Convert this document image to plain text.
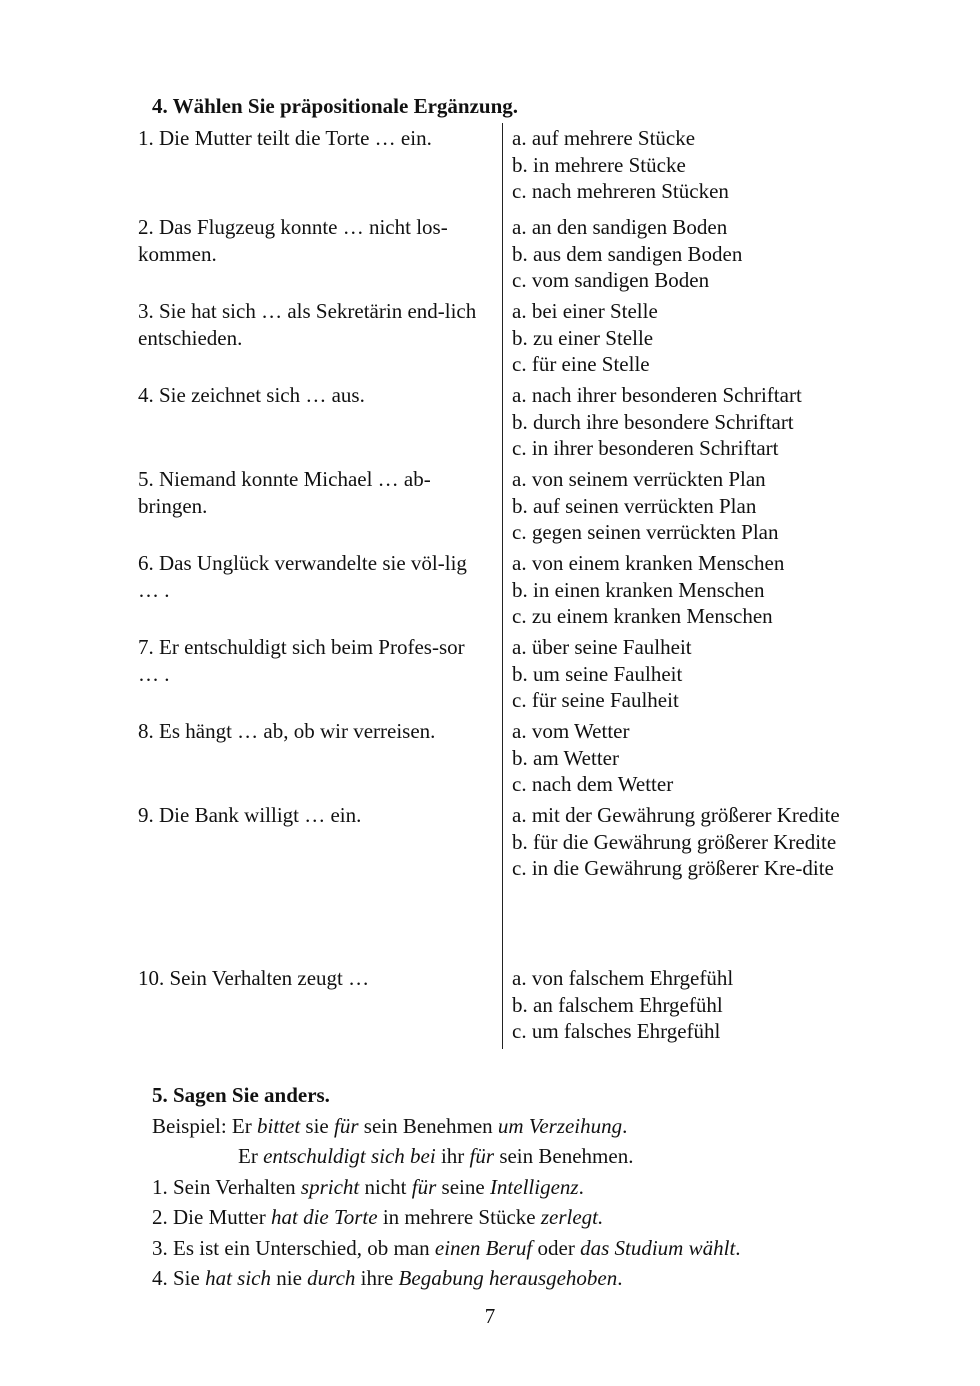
4. Wählen Sie präpositionale Ergänzung.
1. Die Mutter teilt die Torte … ein.	a. auf mehrere Stücke
b. in mehrere Stücke
c. nach mehreren Stücken
2. Das Flugzeug konnte … nicht los-kommen.
a. an den sandigen Boden
b. aus dem sandigen Boden
c. vom sandigen Boden
3. Sie hat sich … als Sekretärin end-lich entschieden.
a. bei einer Stelle
b. zu einer Stelle
c. für eine Stelle
4. Sie zeichnet sich … aus.	a. nach ihrer besonderen Schriftart
b. durch ihre besondere Schriftart
c. in ihrer besonderen Schriftart
5. Niemand konnte Michael … ab-bringen.
a. von seinem verrückten Plan
b. auf seinen verrückten Plan
c. gegen seinen verrückten Plan
6. Das Unglück verwandelte sie völ-lig … .
a. von einem kranken Menschen
b. in einen kranken Menschen
c. zu einem kranken Menschen
7. Er entschuldigt sich beim Profes-sor … .
a. über seine Faulheit
b. um seine Faulheit
c. für seine Faulheit
8. Es hängt … ab, ob wir verreisen.	a. vom Wetter
b. am Wetter
c. nach dem Wetter
9. Die Bank willigt … ein.	a. mit der Gewährung größerer Kredite
b. für die Gewährung größerer Kredite
c. in die Gewährung größerer Kre-dite
10. Sein Verhalten zeugt …	a. von falschem Ehrgefühl
b. an falschem Ehrgefühl
c. um falsches Ehrgefühl
5. Sagen Sie anders.
Beispiel: Er bittet sie für sein Benehmen um Verzeihung.
Er entschuldigt sich bei ihr für sein Benehmen.
1. Sein Verhalten spricht nicht für seine Intelligenz.
2. Die Mutter hat die Torte in mehrere Stücke zerlegt.
3. Es ist ein Unterschied, ob man einen Beruf oder das Studium wählt.
4. Sie hat sich nie durch ihre Begabung herausgehoben.
7
